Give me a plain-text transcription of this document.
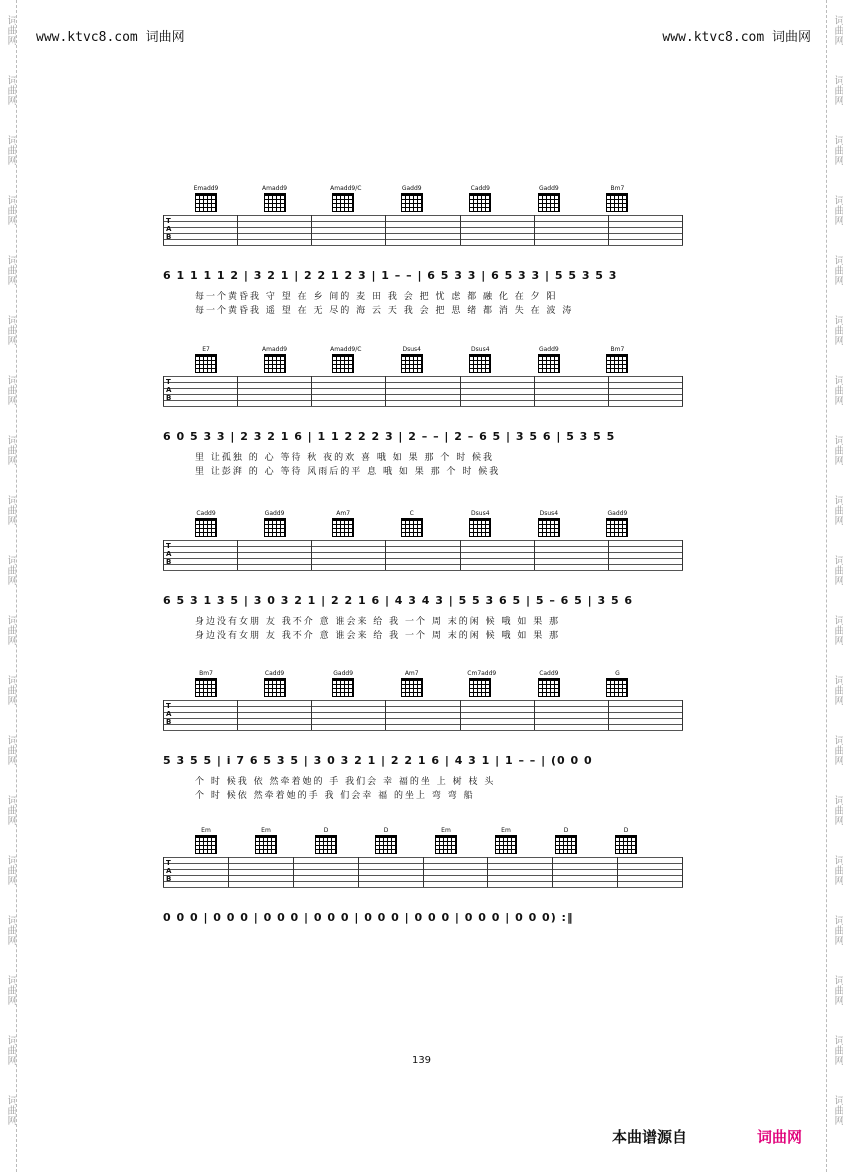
词曲网
词曲网
词曲网
词曲网
词曲网
词曲网
词曲网
词曲网
词曲网
词曲网
词曲网
词曲网
词曲网
词曲网
词曲网
词曲网
词曲网
词曲网
词曲网
词曲网
词曲网
词曲网
词曲网
词曲网
词曲网
词曲网
词曲网
词曲网
词曲网
词曲网
词曲网
词曲网
词曲网
词曲网
词曲网
词曲网
词曲网
词曲网
www.ktvc8.com 词曲网	www.ktvc8.com 词曲网
Emadd9	Amadd9	Amadd9/C	Gadd9	Cadd9	Gadd9	Bm7
T
A
B
6 1 1 1 1 2 | 3 2 1 | 2 2 1 2 3 | 1 – – | 6 5 3 3 | 6 5 3 3 | 5 5 3 5 3
每一个黄昏我 守 望 在 乡 间的 麦 田 我 会 把 忧 虑 都 融 化 在 夕 阳
每一个黄昏我 遥 望 在 无 尽的 海 云 天 我 会 把 思 绪 都 消 失 在 波 涛
E7	Amadd9	Amadd9/C	Dsus4	Dsus4	Gadd9	Bm7
T
A
B
6 0 5 3 3 | 2 3 2 1 6 | 1 1 2 2 2 3 | 2 – – | 2 – 6 5 | 3 5 6 | 5 3 5 5
里 让孤独 的 心 等待 秋 夜的欢 喜 哦 如 果 那 个 时 候我
里 让彭湃 的 心 等待 风雨后的平 息 哦 如 果 那 个 时 候我
Cadd9	Gadd9	Am7	C	Dsus4	Dsus4	Gadd9
T
A
B
6 5 3 1 3 5 | 3 0 3 2 1 | 2 2 1 6 | 4 3 4 3 | 5 5 3 6 5 | 5 – 6 5 | 3 5 6
身边没有女朋 友 我不介 意 谁会来 给 我 一个 周 末的闲 候 哦 如 果 那
身边没有女朋 友 我不介 意 谁会来 给 我 一个 周 末的闲 候 哦 如 果 那
Bm7	Cadd9	Gadd9	Am7	Cm7add9	Cadd9	G
T
A
B
5 3 5 5 | i 7 6 5 3 5 | 3 0 3 2 1 | 2 2 1 6 | 4 3 1 | 1 – – | (0 0 0
个 时 候我 依 然牵着她的 手 我们会 幸 福的坐 上 树 枝 头
个 时 候依 然牵着她的手 我 们会幸 福 的坐上 弯 弯 船
Em	Em	D	D	Em	Em	D	D
T
A
B
0 0 0 | 0 0 0 | 0 0 0 | 0 0 0 | 0 0 0 | 0 0 0 | 0 0 0 | 0 0 0) :‖
139
本曲谱源自	词曲网
